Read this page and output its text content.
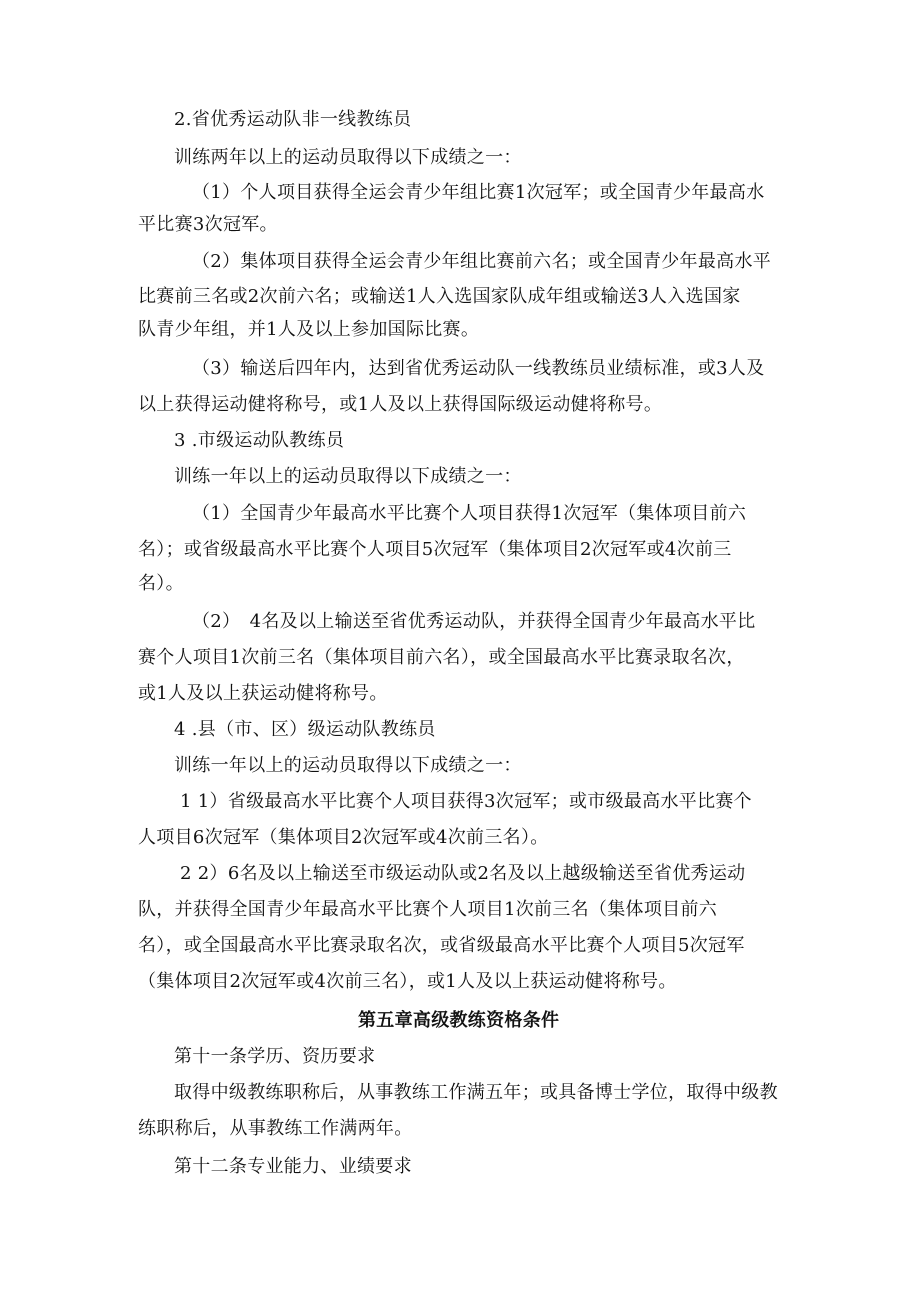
2.省优秀运动队非一线教练员
训练两年以上的运动员取得以下成绩之一：
（1）个人项目获得全运会青少年组比赛1次冠军；或全国青少年最高水
平比赛3次冠军。
（2）集体项目获得全运会青少年组比赛前六名；或全国青少年最高水平
比赛前三名或2次前六名；或输送1人入选国家队成年组或输送3人入选国家
队青少年组，并1人及以上参加国际比赛。
（3）输送后四年内，达到省优秀运动队一线教练员业绩标准，或3人及
以上获得运动健将称号，或1人及以上获得国际级运动健将称号。
3 .市级运动队教练员
训练一年以上的运动员取得以下成绩之一：
（1）全国青少年最高水平比赛个人项目获得1次冠军（集体项目前六
名）；或省级最高水平比赛个人项目5次冠军（集体项目2次冠军或4次前三
名）。
（2）　4名及以上输送至省优秀运动队，并获得全国青少年最高水平比
赛个人项目1次前三名（集体项目前六名），或全国最高水平比赛录取名次，
或1人及以上获运动健将称号。
4 .县（市、区）级运动队教练员
训练一年以上的运动员取得以下成绩之一：
1 1）省级最高水平比赛个人项目获得3次冠军；或市级最高水平比赛个
人项目6次冠军（集体项目2次冠军或4次前三名）。
2 2）6名及以上输送至市级运动队或2名及以上越级输送至省优秀运动
队，并获得全国青少年最高水平比赛个人项目1次前三名（集体项目前六
名），或全国最高水平比赛录取名次，或省级最高水平比赛个人项目5次冠军
（集体项目2次冠军或4次前三名），或1人及以上获运动健将称号。
第五章高级教练资格条件
第十一条学历、资历要求
取得中级教练职称后，从事教练工作满五年；或具备博士学位，取得中级教
练职称后，从事教练工作满两年。
第十二条专业能力、业绩要求
